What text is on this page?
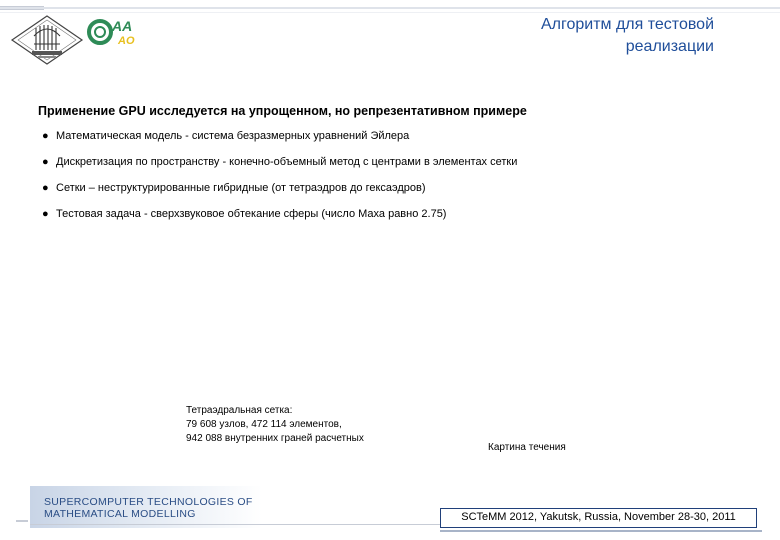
AA
AO
Алгоритм для тестовой
реализации
Применение GPU исследуется на упрощенном, но репрезентативном примере
● Математическая модель - система безразмерных уравнений Эйлера
● Дискретизация по пространству - конечно-объемный метод с центрами в элементах сетки
● Сетки – неструктурированные гибридные (от тетраэдров до гексаэдров)
● Тестовая задача - сверхзвуковое обтекание сферы (число Маха равно 2.75)
Тетраэдральная сетка:
79 608 узлов, 472 114 элементов,
942 088 внутренних граней расчетных
Картина течения
SUPERCOMPUTER TECHNOLOGIES OF
MATHEMATICAL MODELLING	SCTeMM 2012, Yakutsk, Russia, November 28-30, 2011
